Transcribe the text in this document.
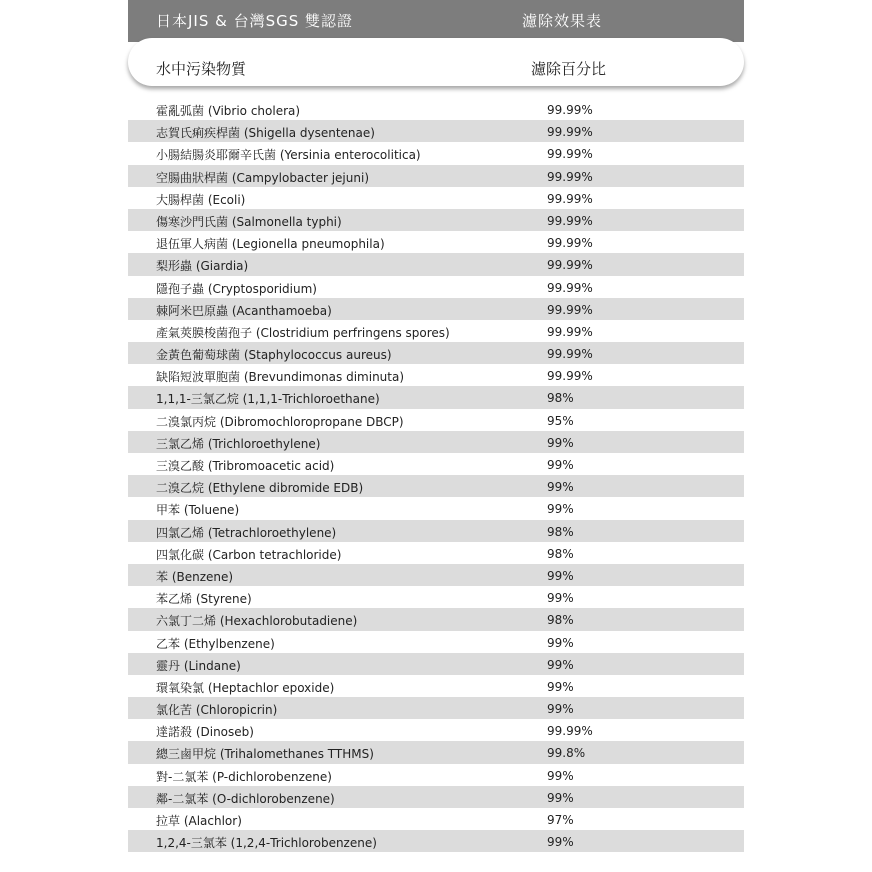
日本JIS & 台灣SGS 雙認證	濾除效果表
水中污染物質	濾除百分比
霍亂弧菌 (Vibrio cholera)	99.99%
志賀氏痢疾桿菌 (Shigella dysentenae)	99.99%
小腸結腸炎耶爾辛氏菌 (Yersinia enterocolitica)	99.99%
空腸曲狀桿菌 (Campylobacter jejuni)	99.99%
大腸桿菌 (Ecoli)	99.99%
傷寒沙門氏菌 (Salmonella typhi)	99.99%
退伍軍人病菌 (Legionella pneumophila)	99.99%
梨形蟲 (Giardia)	99.99%
隱孢子蟲 (Cryptosporidium)	99.99%
棘阿米巴原蟲 (Acanthamoeba)	99.99%
產氣莢膜梭菌孢子 (Clostridium perfringens spores)	99.99%
金黃色葡萄球菌 (Staphylococcus aureus)	99.99%
缺陷短波單胞菌 (Brevundimonas diminuta)	99.99%
1,1,1-三氯乙烷 (1,1,1-Trichloroethane)	98%
二溴氯丙烷 (Dibromochloropropane DBCP)	95%
三氯乙烯 (Trichloroethylene)	99%
三溴乙酸 (Tribromoacetic acid)	99%
二溴乙烷 (Ethylene dibromide EDB)	99%
甲苯 (Toluene)	99%
四氯乙烯 (Tetrachloroethylene)	98%
四氯化碳 (Carbon tetrachloride)	98%
苯 (Benzene)	99%
苯乙烯 (Styrene)	99%
六氯丁二烯 (Hexachlorobutadiene)	98%
乙苯 (Ethylbenzene)	99%
靈丹 (Lindane)	99%
環氧染氯 (Heptachlor epoxide)	99%
氯化苦 (Chloropicrin)	99%
達諾殺 (Dinoseb)	99.99%
總三鹵甲烷 (Trihalomethanes TTHMS)	99.8%
對-二氯苯 (P-dichlorobenzene)	99%
鄰-二氯苯 (O-dichlorobenzene)	99%
拉草 (Alachlor)	97%
1,2,4-三氯苯 (1,2,4-Trichlorobenzene)	99%
